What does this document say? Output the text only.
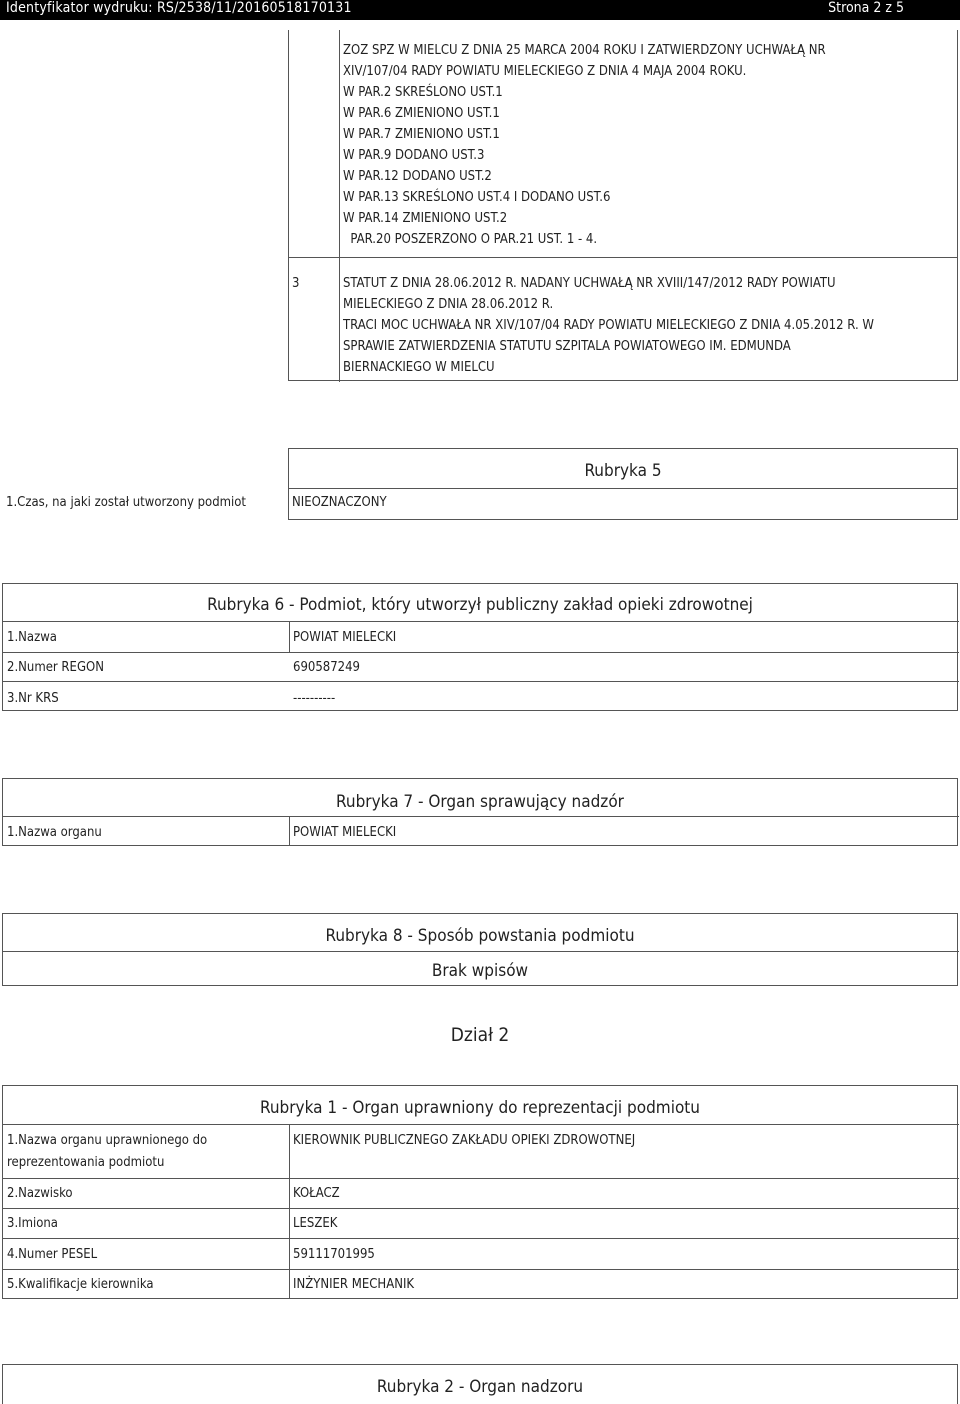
Identyfikator wydruku: RS/2538/11/20160518170131	Strona 2 z 5
ZOZ SPZ W MIELCU Z DNIA 25 MARCA 2004 ROKU I ZATWIERDZONY UCHWAŁĄ NR
XIV/107/04 RADY POWIATU MIELECKIEGO Z DNIA 4 MAJA 2004 ROKU.
W PAR.2 SKREŚLONO UST.1
W PAR.6 ZMIENIONO UST.1
W PAR.7 ZMIENIONO UST.1
W PAR.9 DODANO UST.3
W PAR.12 DODANO UST.2
W PAR.13 SKREŚLONO UST.4 I DODANO UST.6
W PAR.14 ZMIENIONO UST.2
PAR.20 POSZERZONO O PAR.21 UST. 1 - 4.
3	STATUT Z DNIA 28.06.2012 R. NADANY UCHWAŁĄ NR XVIII/147/2012 RADY POWIATU
MIELECKIEGO Z DNIA 28.06.2012 R.
TRACI MOC UCHWAŁA NR XIV/107/04 RADY POWIATU MIELECKIEGO Z DNIA 4.05.2012 R. W
SPRAWIE ZATWIERDZENIA STATUTU SZPITALA POWIATOWEGO IM. EDMUNDA
BIERNACKIEGO W MIELCU
Rubryka 5
1.Czas, na jaki został utworzony podmiot	NIEOZNACZONY
Rubryka 6 - Podmiot, który utworzył publiczny zakład opieki zdrowotnej
1.Nazwa	POWIAT MIELECKI
2.Numer REGON	690587249
3.Nr KRS	----------
Rubryka 7 - Organ sprawujący nadzór
1.Nazwa organu	POWIAT MIELECKI
Rubryka 8 - Sposób powstania podmiotu
Brak wpisów
Dział 2
Rubryka 1 - Organ uprawniony do reprezentacji podmiotu
1.Nazwa organu uprawnionego do
reprezentowania podmiotu
KIEROWNIK PUBLICZNEGO ZAKŁADU OPIEKI ZDROWOTNEJ
2.Nazwisko	KOŁACZ
3.Imiona	LESZEK
4.Numer PESEL	59111701995
5.Kwalifikacje kierownika	INŻYNIER MECHANIK
Rubryka 2 - Organ nadzoru
